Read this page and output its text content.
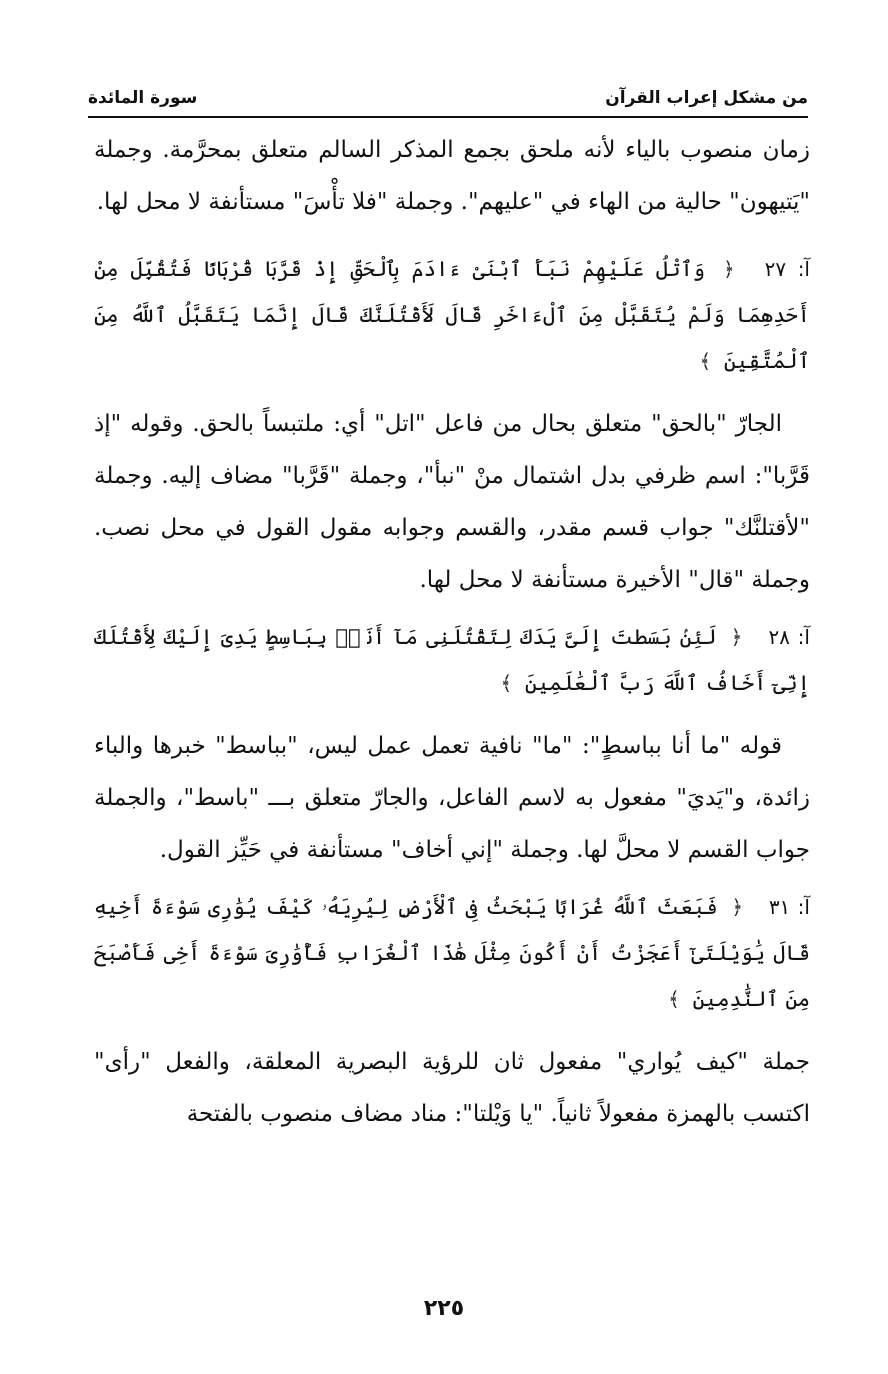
من مشكل إعراب القرآن
سورة المائدة

زمان منصوب بالياء لأنه ملحق بجمع المذكر السالم متعلق بمحرَّمة. وجملة "يَتيهون" حالية من الهاء في "عليهم". وجملة "فلا تأْسَ" مستأنفة لا محل لها.

آ: ٢٧ ﴿ وَٱتْلُ عَلَيْهِمْ نَبَأَ ٱبْنَىْ ءَادَمَ بِٱلْحَقِّ إِذْ قَرَّبَا قُرْبَانًا فَتُقُبِّلَ مِنْ أَحَدِهِمَا وَلَمْ يُتَقَبَّلْ مِنَ ٱلْءَاخَرِ قَالَ لَأَقْتُلَنَّكَ قَالَ إِنَّمَا يَتَقَبَّلُ ٱللَّهُ مِنَ ٱلْمُتَّقِينَ ﴾

الجارّ "بالحق" متعلق بحال من فاعل "اتل" أي: ملتبساً بالحق. وقوله "إذ قَرَّبا": اسم ظرفي بدل اشتمال منْ "نبأ"، وجملة "قَرَّبا" مضاف إليه. وجملة "لأقتلنَّك" جواب قسم مقدر، والقسم وجوابه مقول القول في محل نصب. وجملة "قال" الأخيرة مستأنفة لا محل لها.

آ: ٢٨ ﴿ لَئِنۢ بَسَطتَ إِلَىَّ يَدَكَ لِتَقْتُلَنِى مَآ أَنَا۠ بِبَاسِطٍ يَدِىَ إِلَيْكَ لِأَقْتُلَكَ إِنِّىٓ أَخَافُ ٱللَّهَ رَبَّ ٱلْعَٰلَمِينَ ﴾

قوله "ما أنا بباسطٍ": "ما" نافية تعمل عمل ليس، "بباسط" خبرها والباء زائدة، و"يَديَ" مفعول به لاسم الفاعل، والجارّ متعلق بـــ "باسط"، والجملة جواب القسم لا محلَّ لها. وجملة "إني أخاف" مستأنفة في حَيِّز القول.

آ: ٣١ ﴿ فَبَعَثَ ٱللَّهُ غُرَابًا يَبْحَثُ فِى ٱلْأَرْضِ لِيُرِيَهُۥ كَيْفَ يُوَٰرِى سَوْءَةَ أَخِيهِ قَالَ يَٰوَيْلَتَىٰٓ أَعَجَزْتُ أَنْ أَكُونَ مِثْلَ هَٰذَا ٱلْغُرَابِ فَأُوَٰرِىَ سَوْءَةَ أَخِى فَأَصْبَحَ مِنَ ٱلنَّٰدِمِينَ ﴾

جملة "كيف يُواري" مفعول ثان للرؤية البصرية المعلقة، والفعل "رأى" اكتسب بالهمزة مفعولاً ثانياً. "يا وَيْلتا": مناد مضاف منصوب بالفتحة

٢٢٥
